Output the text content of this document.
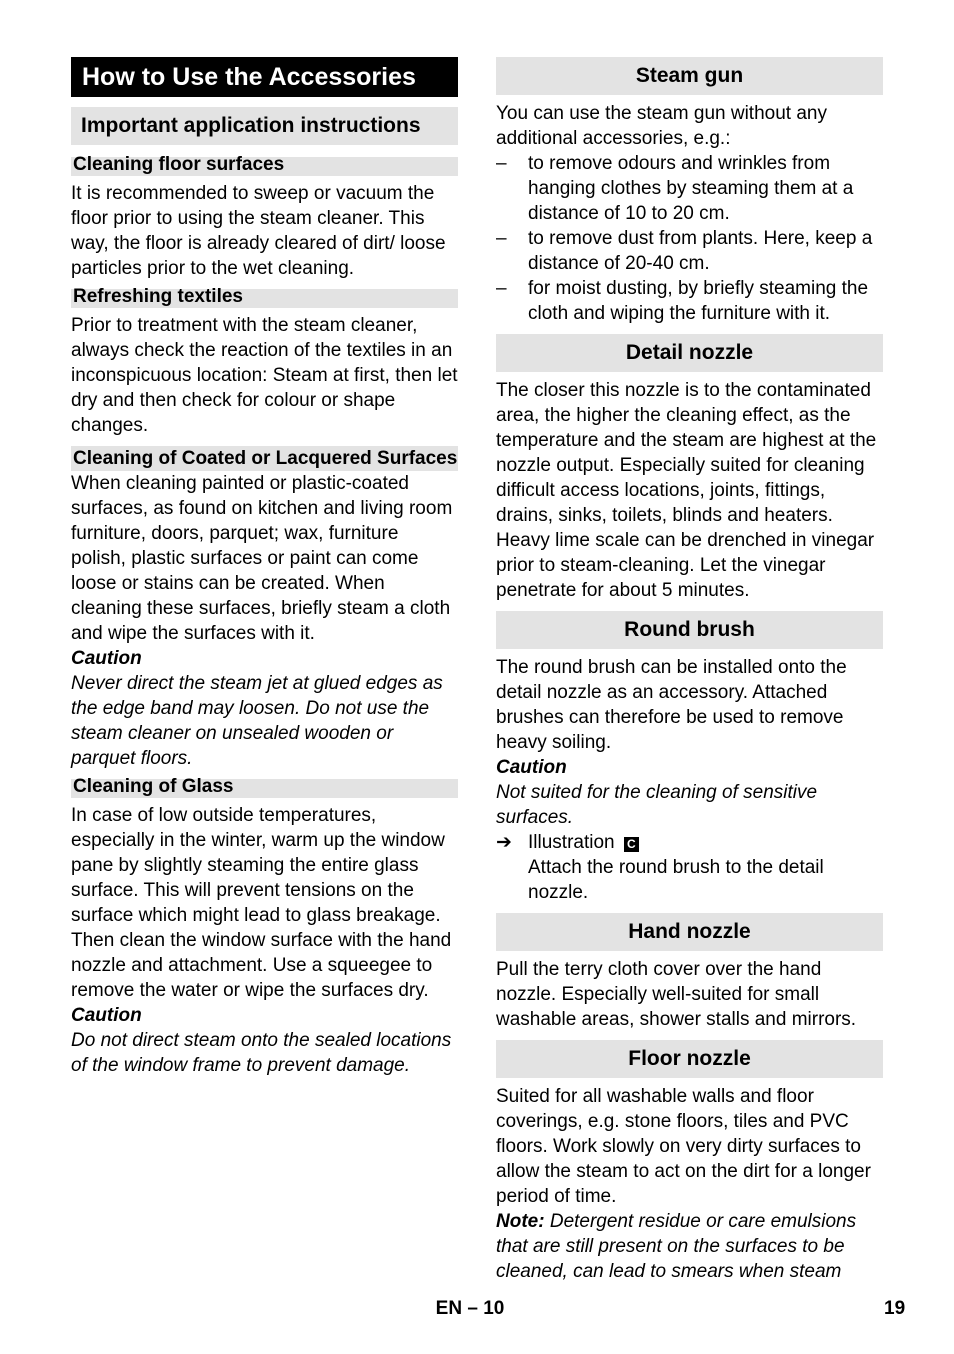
How to Use the Accessories
Important application instructions
Cleaning floor surfaces

It is recommended to sweep or vacuum the floor prior to using the steam cleaner. This way, the floor is already cleared of dirt/ loose particles prior to the wet cleaning.

Refreshing textiles

Prior to treatment with the steam cleaner, always check the reaction of the textiles in an inconspicuous location: Steam at first, then let dry and then check for colour or shape changes.

Cleaning of Coated or Lacquered Surfaces

When cleaning painted or plastic-coated surfaces, as found on kitchen and living room furniture, doors, parquet; wax, furniture polish, plastic surfaces or paint can come loose or stains can be created. When cleaning these surfaces, briefly steam a cloth and wipe the surfaces with it.

Caution

Never direct the steam jet at glued edges as the edge band may loosen. Do not use the steam cleaner on unsealed wooden or parquet floors.

Cleaning of Glass

In case of low outside temperatures, especially in the winter, warm up the window pane by slightly steaming the entire glass surface. This will prevent tensions on the surface which might lead to glass breakage.

Then clean the window surface with the hand nozzle and attachment. Use a squeegee to remove the water or wipe the surfaces dry.

Caution

Do not direct steam onto the sealed locations of the window frame to prevent damage.

Steam gun

You can use the steam gun without any additional accessories, e.g.:

–	to remove odours and wrinkles from hanging clothes by steaming them at a distance of 10 to 20 cm.
–	to remove dust from plants. Here, keep a distance of 20-40 cm.
–	for moist dusting, by briefly steaming the cloth and wiping the furniture with it.
Detail nozzle

The closer this nozzle is to the contaminated area, the higher the cleaning effect, as the temperature and the steam are highest at the nozzle output. Especially suited for cleaning difficult access locations, joints, fittings, drains, sinks, toilets, blinds and heaters. Heavy lime scale can be drenched in vinegar prior to steam-cleaning. Let the vinegar penetrate for about 5 minutes.

Round brush

The round brush can be installed onto the detail nozzle as an accessory. Attached brushes can therefore be used to remove heavy soiling.

Caution

Not suited for the cleaning of sensitive surfaces.

➔ Illustration C
Attach the round brush to the detail nozzle.
Hand nozzle

Pull the terry cloth cover over the hand nozzle. Especially well-suited for small washable areas, shower stalls and mirrors.

Floor nozzle

Suited for all washable walls and floor coverings, e.g. stone floors, tiles and PVC floors. Work slowly on very dirty surfaces to allow the steam to act on the dirt for a longer period of time.

Note: Detergent residue or care emulsions that are still present on the surfaces to be cleaned, can lead to smears when steam

EN – 10	19
